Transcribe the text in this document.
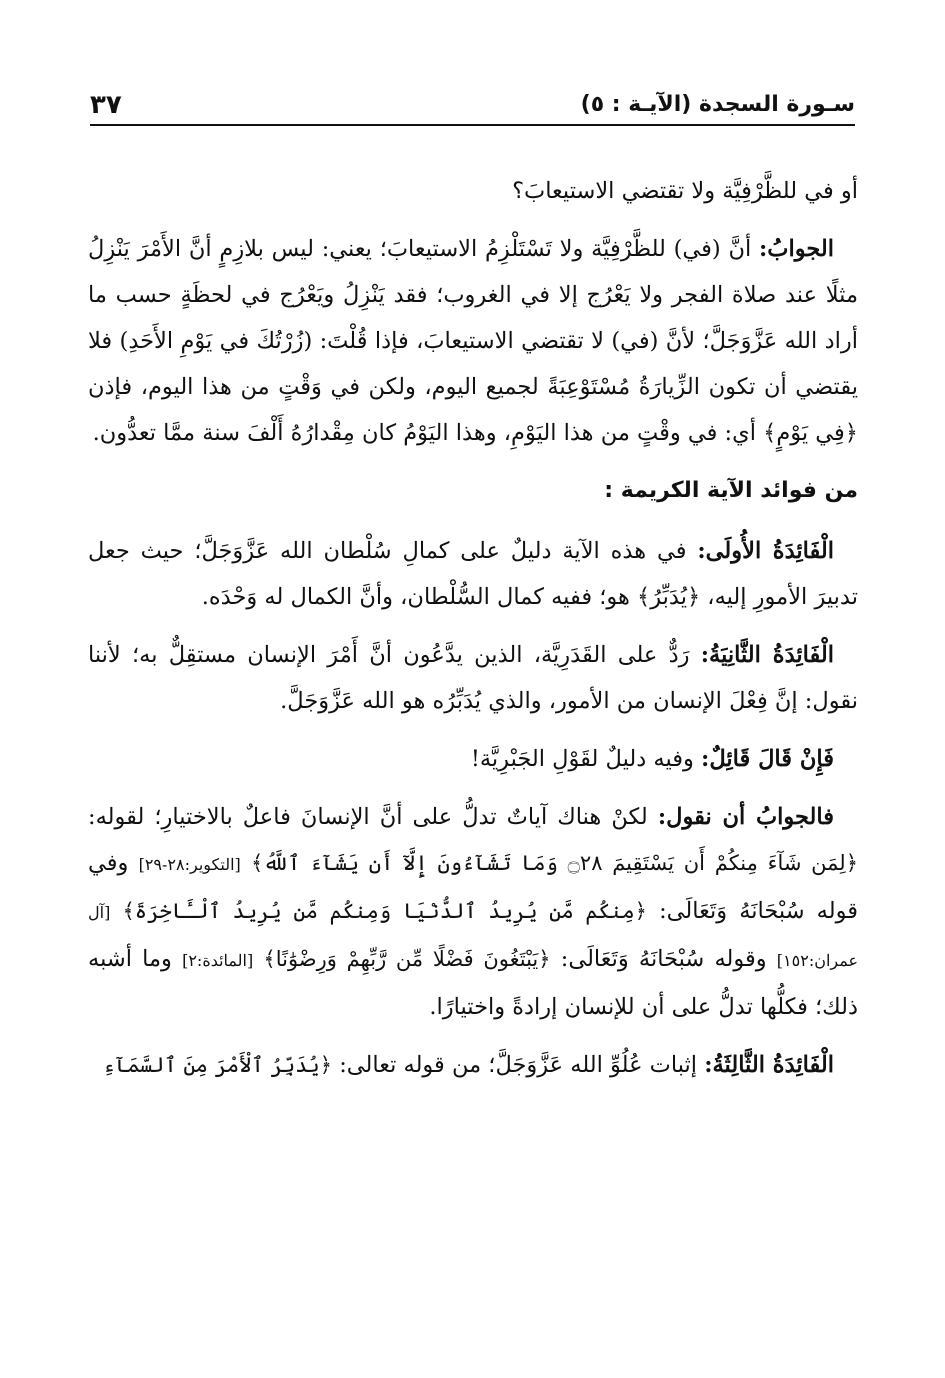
سـورة السجدة (الآيـة : ٥)
٣٧

أو في للظَّرْفِيَّة ولا تقتضي الاستيعابَ؟

الجوابُ: أنَّ (في) للظَّرْفِيَّة ولا تَسْتَلْزِمُ الاستيعابَ؛ يعني: ليس بلازِمٍ أنَّ الأَمْرَ يَنْزِلُ مثلًا عند صلاة الفجر ولا يَعْرُج إلا في الغروب؛ فقد يَنْزِلُ ويَعْرُج في لحظَةٍ حسب ما أراد الله عَزَّوَجَلَّ؛ لأنَّ (في) لا تقتضي الاستيعابَ، فإذا قُلْتَ: (زُرْتُكَ في يَوْمِ الأَحَدِ) فلا يقتضي أن تكون الزِّيارَةُ مُسْتَوْعِبَةً لجميع اليوم، ولكن في وَقْتٍ من هذا اليوم، فإذن ﴿فِي يَوْمٍ﴾ أي: في وقْتٍ من هذا اليَوْمِ، وهذا اليَوْمُ كان مِقْدارُهُ أَلْفَ سنة ممَّا تعدُّون.

من فوائد الآية الكريمة :

الْفَائِدَةُ الأُولَى: في هذه الآية دليلٌ على كمالِ سُلْطان الله عَزَّوَجَلَّ؛ حيث جعل تدبيرَ الأمورِ إليه، ﴿يُدَبِّرُ﴾ هو؛ ففيه كمال السُّلْطان، وأنَّ الكمال له وَحْدَه.

الْفَائِدَةُ الثَّانِيَةُ: رَدٌّ على القَدَرِيَّة، الذين يدَّعُون أنَّ أَمْرَ الإنسان مستقِلٌّ به؛ لأننا نقول: إنَّ فِعْلَ الإنسان من الأمور، والذي يُدَبِّرُه هو الله عَزَّوَجَلَّ.

فَإِنْ قَالَ قَائِلٌ: وفيه دليلٌ لقَوْلِ الجَبْرِيَّة!

فالجوابُ أن نقول: لكنْ هناك آياتٌ تدلُّ على أنَّ الإنسانَ فاعلٌ بالاختيارِ؛ لقوله: ﴿لِمَن شَآءَ مِنكُمْ أَن يَسْتَقِيمَ ۝٢٨ وَمَا تَشَآءُونَ إِلَّآ أَن يَشَآءَ ٱللَّهُ﴾ [التكوير:٢٨-٢٩] وفي قوله سُبْحَانَهُ وَتَعَالَى: ﴿مِنكُم مَّن يُرِيدُ ٱلدُّنْيَا وَمِنكُم مَّن يُرِيدُ ٱلْـَٔاخِرَةَ﴾ [آل عمران:١٥٢] وقوله سُبْحَانَهُ وَتَعَالَى: ﴿يَبْتَغُونَ فَضْلًا مِّن رَّبِّهِمْ وَرِضْوَٰنًا﴾ [المائدة:٢] وما أشبه ذلك؛ فكلُّها تدلُّ على أن للإنسان إرادةً واختيارًا.

الْفَائِدَةُ الثَّالِثَةُ: إثبات عُلُوِّ الله عَزَّوَجَلَّ؛ من قوله تعالى: ﴿يُدَبِّرُ ٱلْأَمْرَ مِنَ ٱلسَّمَآءِ
